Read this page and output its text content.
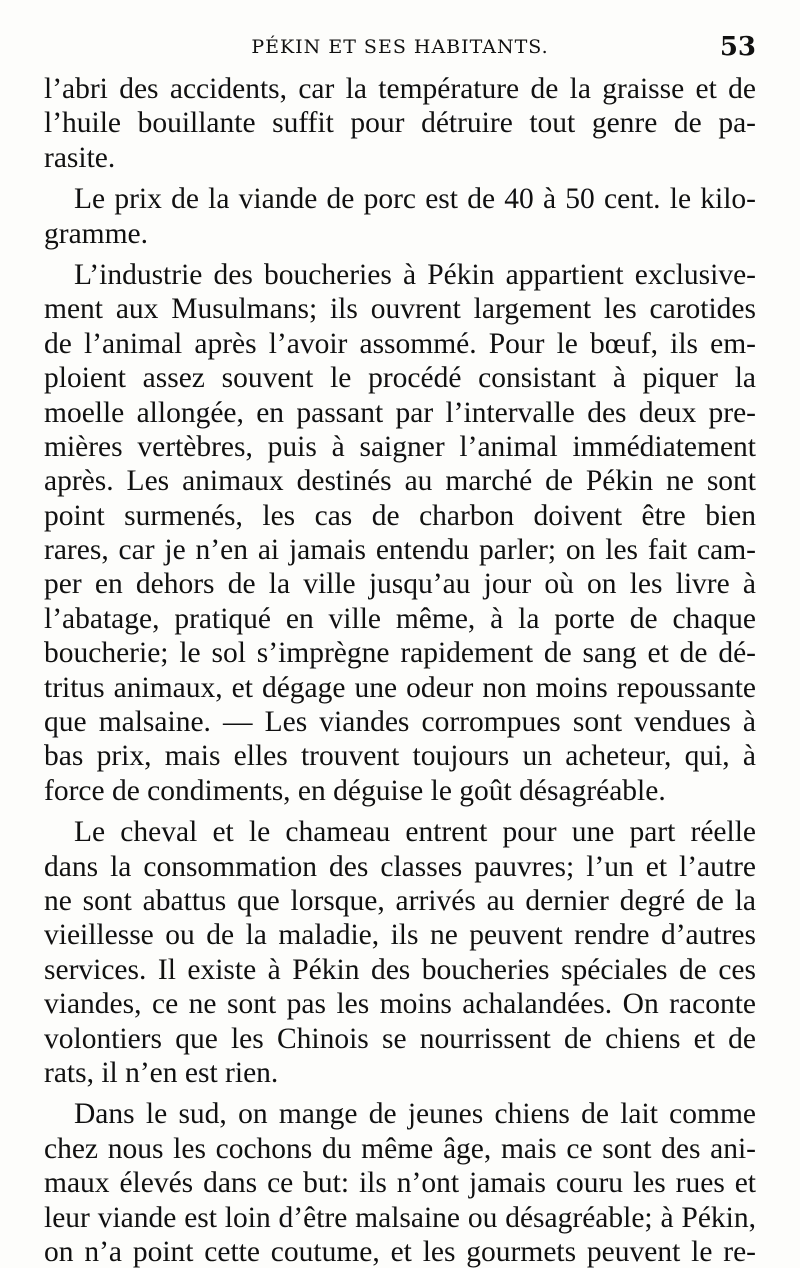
PÉKIN ET SES HABITANTS.	53
l’abri des accidents, car la température de la graisse et de
l’huile bouillante suffit pour détruire tout genre de pa-
rasite.
Le prix de la viande de porc est de 40 à 50 cent. le kilo-
gramme.
L’industrie des boucheries à Pékin appartient exclusive-
ment aux Musulmans; ils ouvrent largement les carotides
de l’animal après l’avoir assommé. Pour le bœuf, ils em-
ploient assez souvent le procédé consistant à piquer la
moelle allongée, en passant par l’intervalle des deux pre-
mières vertèbres, puis à saigner l’animal immédiatement
après. Les animaux destinés au marché de Pékin ne sont
point surmenés, les cas de charbon doivent être bien
rares, car je n’en ai jamais entendu parler; on les fait cam-
per en dehors de la ville jusqu’au jour où on les livre à
l’abatage, pratiqué en ville même, à la porte de chaque
boucherie; le sol s’imprègne rapidement de sang et de dé-
tritus animaux, et dégage une odeur non moins repoussante
que malsaine. — Les viandes corrompues sont vendues à
bas prix, mais elles trouvent toujours un acheteur, qui, à
force de condiments, en déguise le goût désagréable.
Le cheval et le chameau entrent pour une part réelle
dans la consommation des classes pauvres; l’un et l’autre
ne sont abattus que lorsque, arrivés au dernier degré de la
vieillesse ou de la maladie, ils ne peuvent rendre d’autres
services. Il existe à Pékin des boucheries spéciales de ces
viandes, ce ne sont pas les moins achalandées. On raconte
volontiers que les Chinois se nourrissent de chiens et de
rats, il n’en est rien.
Dans le sud, on mange de jeunes chiens de lait comme
chez nous les cochons du même âge, mais ce sont des ani-
maux élevés dans ce but: ils n’ont jamais couru les rues et
leur viande est loin d’être malsaine ou désagréable; à Pékin,
on n’a point cette coutume, et les gourmets peuvent le re-
